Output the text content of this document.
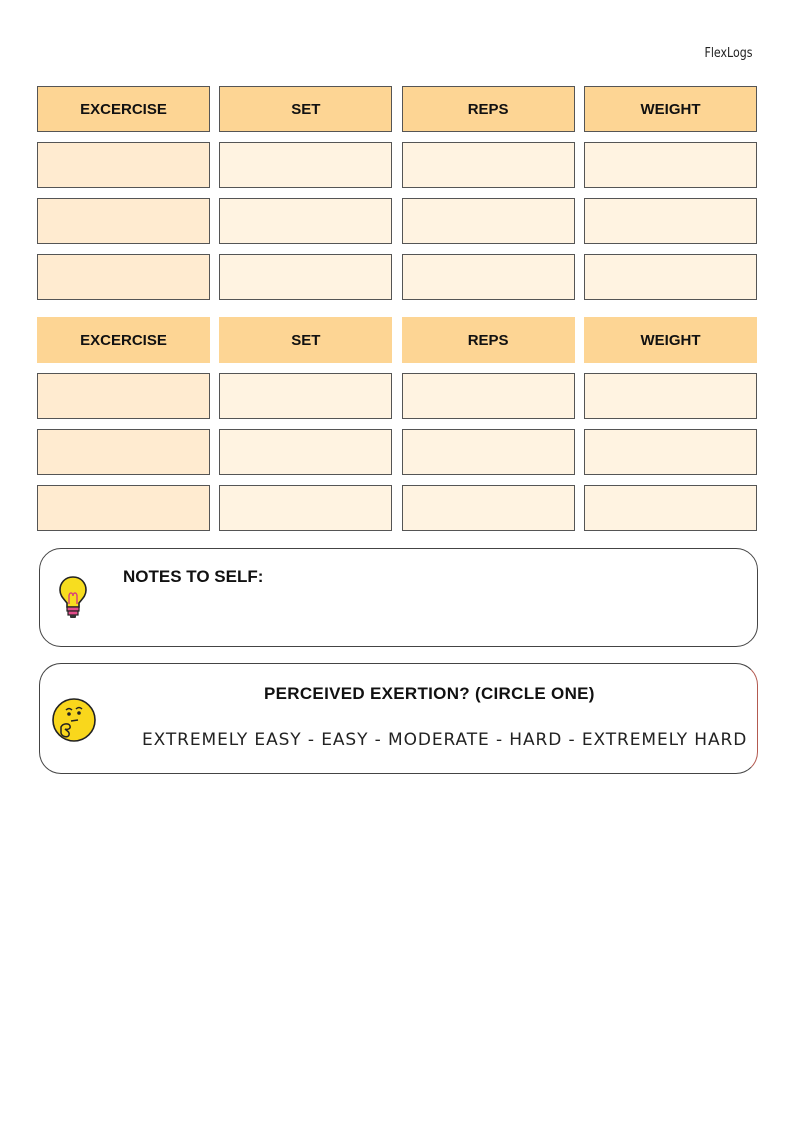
FlexLogs
EXCERCISE	SET	REPS	WEIGHT
EXCERCISE	SET	REPS	WEIGHT
NOTES TO SELF:
PERCEIVED EXERTION? (CIRCLE ONE)
EXTREMELY EASY - EASY - MODERATE - HARD - EXTREMELY HARD
